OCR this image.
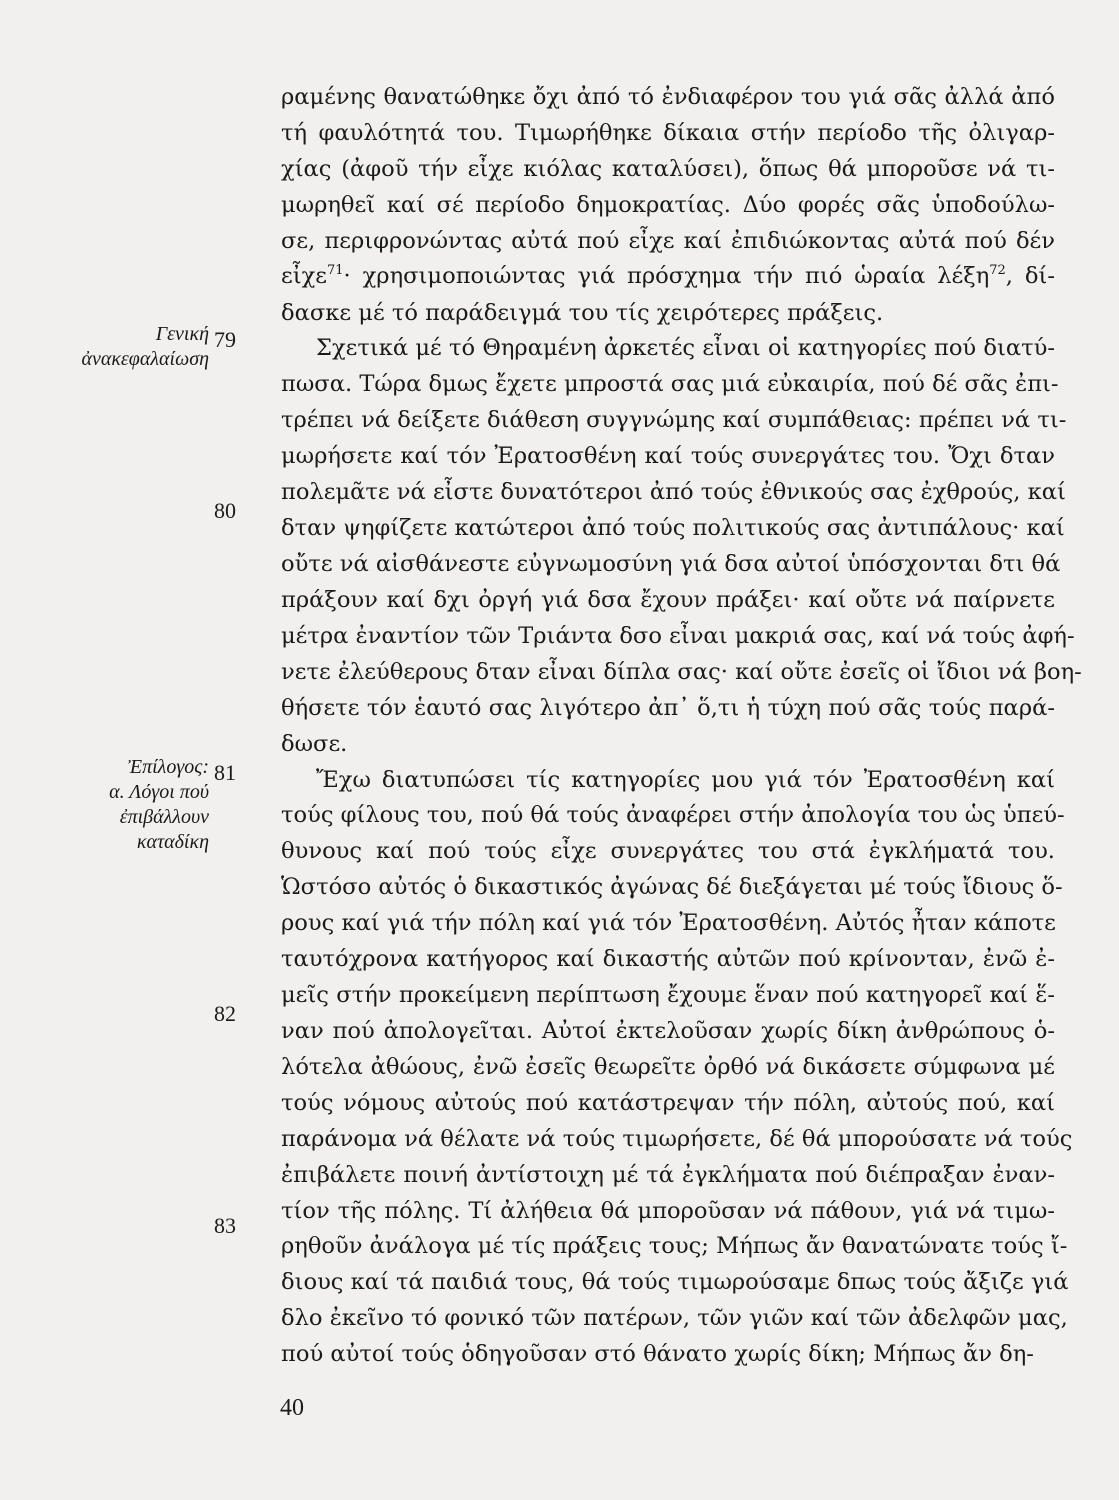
ραμένης θανατώθηκε ὄχι ἀπό τό ἐνδιαφέρον του γιά σᾶς ἀλλά ἀπό
τή φαυλότητά του. Τιμωρήθηκε δίκαια στήν περίοδο τῆς ὀλιγαρ-
χίας (ἀφοῦ τήν εἶχε κιόλας καταλύσει), ὅπως θά μποροῦσε νά τι-
μωρηθεῖ καί σέ περίοδο δημοκρατίας. Δύο φορές σᾶς ὑποδούλω-
σε, περιφρονώντας αὐτά πού εἶχε καί ἐπιδιώκοντας αὐτά πού δέν
δασκε μέ τό παράδειγμά του τίς χειρότερες πράξεις.
Σχετικά μέ τό Θηραμένη ἀρκετές εἶναι οἱ κατηγορίες πού διατύ-
πωσα. Τώρα δμως ἔχετε μπροστά σας μιά εὐκαιρία, πού δέ σᾶς ἐπι-
τρέπει νά δείξετε διάθεση συγγνώμης καί συμπάθειας: πρέπει νά τι-
μωρήσετε καί τόν Ἐρατοσθένη καί τούς συνεργάτες του. Ὄχι δταν
πολεμᾶτε νά εἶστε δυνατότεροι ἀπό τούς ἐθνικούς σας ἐχθρούς, καί
δταν ψηφίζετε κατώτεροι ἀπό τούς πολιτικούς σας ἀντιπάλους· καί
οὔτε νά αἰσθάνεστε εὐγνωμοσύνη γιά δσα αὐτοί ὑπόσχονται δτι θά
πράξουν καί δχι ὀργή γιά δσα ἔχουν πράξει· καί οὔτε νά παίρνετε
μέτρα ἐναντίον τῶν Τριάντα δσο εἶναι μακριά σας, καί νά τούς ἀφή-
νετε ἐλεύθερους δταν εἶναι δίπλα σας· καί οὔτε ἐσεῖς οἱ ἴδιοι νά βοη-
θήσετε τόν ἑαυτό σας λιγότερο ἀπ᾿ ὅ,τι ἡ τύχη πού σᾶς τούς παρά-
δωσε.
Ἔχω διατυπώσει τίς κατηγορίες μου γιά τόν Ἐρατοσθένη καί
τούς φίλους του, πού θά τούς ἀναφέρει στήν ἀπολογία του ὡς ὑπεύ-
θυνους καί πού τούς εἶχε συνεργάτες του στά ἐγκλήματά του.
Ὡστόσο αὐτός ὁ δικαστικός ἀγώνας δέ διεξάγεται μέ τούς ἴδιους ὅ-
ρους καί γιά τήν πόλη καί γιά τόν Ἐρατοσθένη. Αὐτός ἦταν κάποτε
ταυτόχρονα κατήγορος καί δικαστής αὐτῶν πού κρίνονταν, ἐνῶ ἐ-
μεῖς στήν προκείμενη περίπτωση ἔχουμε ἕναν πού κατηγορεῖ καί ἕ-
ναν πού ἀπολογεῖται. Αὐτοί ἐκτελοῦσαν χωρίς δίκη ἀνθρώπους ὁ-
λότελα ἀθώους, ἐνῶ ἐσεῖς θεωρεῖτε ὀρθό νά δικάσετε σύμφωνα μέ
τούς νόμους αὐτούς πού κατάστρεψαν τήν πόλη, αὐτούς πού, καί
παράνομα νά θέλατε νά τούς τιμωρήσετε, δέ θά μπορούσατε νά τούς
ἐπιβάλετε ποινή ἀντίστοιχη μέ τά ἐγκλήματα πού διέπραξαν ἐναν-
τίον τῆς πόλης. Τί ἀλήθεια θά μποροῦσαν νά πάθουν, γιά νά τιμω-
ρηθοῦν ἀνάλογα μέ τίς πράξεις τους; Μήπως ἄν θανατώνατε τούς ἴ-
διους καί τά παιδιά τους, θά τούς τιμωρούσαμε δπως τούς ἄξιζε γιά
δλο ἐκεῖνο τό φονικό τῶν πατέρων, τῶν γιῶν καί τῶν ἀδελφῶν μας,
πού αὐτοί τούς ὁδηγοῦσαν στό θάνατο χωρίς δίκη; Μήπως ἄν δη-
εἶχε$^{71}$· χρησιμοποιώντας γιά πρόσχημα τήν πιό ὡραία λέξη$^{72}$, δί-
Γενική
ἀνακεφαλαίωση
Ἐπίλογος:
α. Λόγοι πού
ἐπιβάλλουν
καταδίκη
79
80
81
82
83
40
